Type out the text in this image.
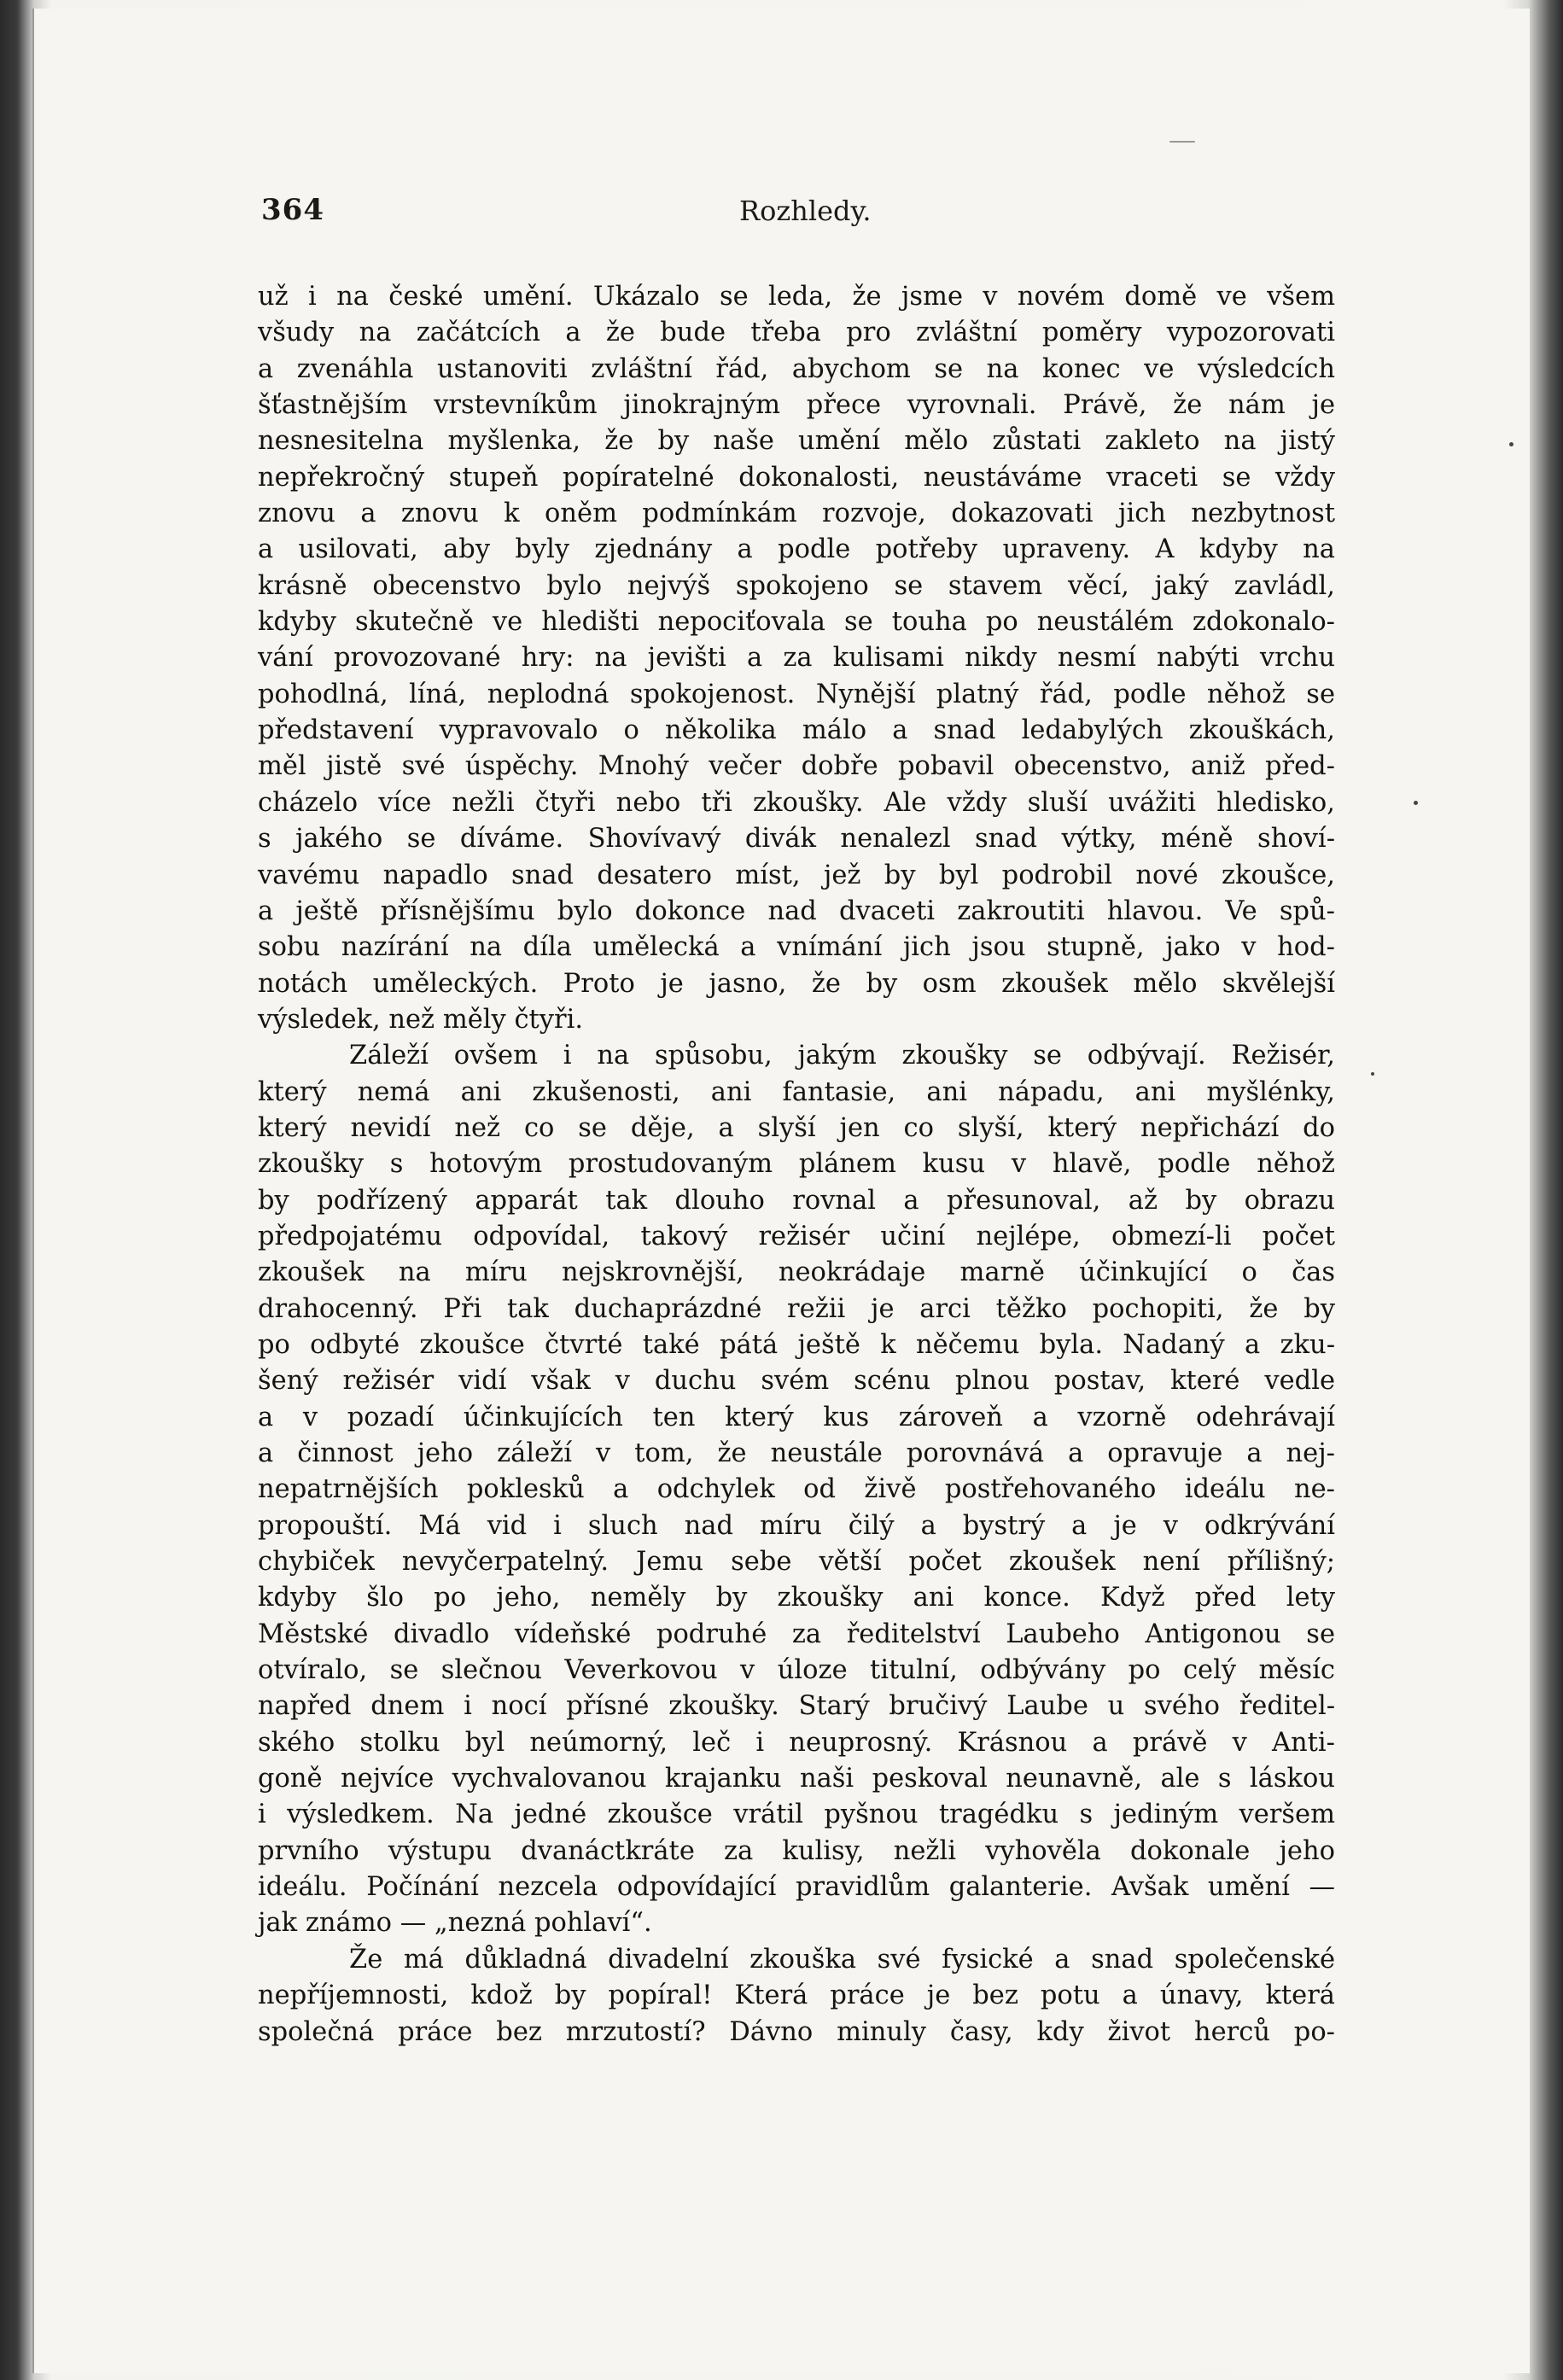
364	Rozhledy.
už i na české umění. Ukázalo se leda, že jsme v novém domě ve všem
všudy na začátcích a že bude třeba pro zvláštní poměry vypozorovati
a zvenáhla ustanoviti zvláštní řád, abychom se na konec ve výsledcích
šťastnějším vrstevníkům jinokrajným přece vyrovnali. Právě, že nám je
nesnesitelna myšlenka, že by naše umění mělo zůstati zakleto na jistý
nepřekročný stupeň popíratelné dokonalosti, neustáváme vraceti se vždy
znovu a znovu k oněm podmínkám rozvoje, dokazovati jich nezbytnost
a usilovati, aby byly zjednány a podle potřeby upraveny. A kdyby na
krásně obecenstvo bylo nejvýš spokojeno se stavem věcí, jaký zavládl,
kdyby skutečně ve hledišti nepociťovala se touha po neustálém zdokonalo-
vání provozované hry: na jevišti a za kulisami nikdy nesmí nabýti vrchu
pohodlná, líná, neplodná spokojenost. Nynější platný řád, podle něhož se
představení vypravovalo o několika málo a snad ledabylých zkouškách,
měl jistě své úspěchy. Mnohý večer dobře pobavil obecenstvo, aniž před-
cházelo více nežli čtyři nebo tři zkoušky. Ale vždy sluší uvážiti hledisko,
s jakého se díváme. Shovívavý divák nenalezl snad výtky, méně shoví-
vavému napadlo snad desatero míst, jež by byl podrobil nové zkoušce,
a ještě přísnějšímu bylo dokonce nad dvaceti zakroutiti hlavou. Ve spů-
sobu nazírání na díla umělecká a vnímání jich jsou stupně, jako v hod-
notách uměleckých. Proto je jasno, že by osm zkoušek mělo skvělejší
výsledek, než měly čtyři.
Záleží ovšem i na spůsobu, jakým zkoušky se odbývají. Režisér,
který nemá ani zkušenosti, ani fantasie, ani nápadu, ani myšlénky,
který nevidí než co se děje, a slyší jen co slyší, který nepřichází do
zkoušky s hotovým prostudovaným plánem kusu v hlavě, podle něhož
by podřízený apparát tak dlouho rovnal a přesunoval, až by obrazu
předpojatému odpovídal, takový režisér učiní nejlépe, obmezí-li počet
zkoušek na míru nejskrovnější, neokrádaje marně účinkující o čas
drahocenný. Při tak duchaprázdné režii je arci těžko pochopiti, že by
po odbyté zkoušce čtvrté také pátá ještě k něčemu byla. Nadaný a zku-
šený režisér vidí však v duchu svém scénu plnou postav, které vedle
a v pozadí účinkujících ten který kus zároveň a vzorně odehrávají
a činnost jeho záleží v tom, že neustále porovnává a opravuje a nej-
nepatrnějších poklesků a odchylek od živě postřehovaného ideálu ne-
propouští. Má vid i sluch nad míru čilý a bystrý a je v odkrývání
chybiček nevyčerpatelný. Jemu sebe větší počet zkoušek není přílišný;
kdyby šlo po jeho, neměly by zkoušky ani konce. Když před lety
Městské divadlo vídeňské podruhé za ředitelství Laubeho Antigonou se
otvíralo, se slečnou Veverkovou v úloze titulní, odbývány po celý měsíc
napřed dnem i nocí přísné zkoušky. Starý bručivý Laube u svého ředitel-
ského stolku byl neúmorný, leč i neuprosný. Krásnou a právě v Anti-
goně nejvíce vychvalovanou krajanku naši peskoval neunavně, ale s láskou
i výsledkem. Na jedné zkoušce vrátil pyšnou tragédku s jediným veršem
prvního výstupu dvanáctkráte za kulisy, nežli vyhověla dokonale jeho
ideálu. Počínání nezcela odpovídající pravidlům galanterie. Avšak umění —
jak známo — „nezná pohlaví“.
Že má důkladná divadelní zkouška své fysické a snad společenské
nepříjemnosti, kdož by popíral! Která práce je bez potu a únavy, která
společná práce bez mrzutostí? Dávno minuly časy, kdy život herců po-
